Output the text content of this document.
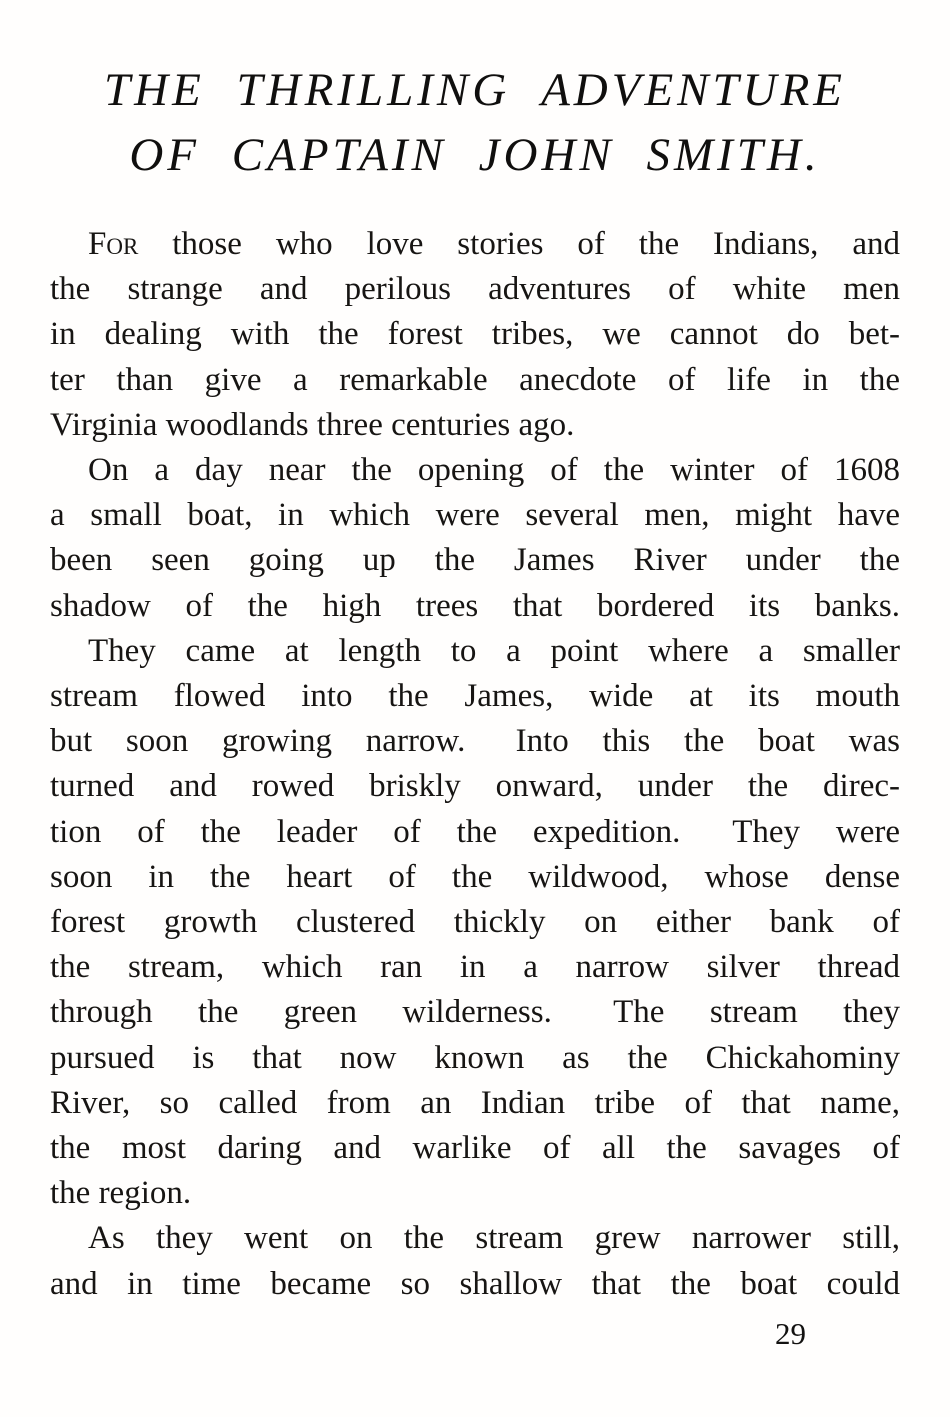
THE THRILLING ADVENTURE
OF CAPTAIN JOHN SMITH.
For those who love stories of the Indians, and
the strange and perilous adventures of white men
in dealing with the forest tribes, we cannot do bet-
ter than give a remarkable anecdote of life in the
Virginia woodlands three centuries ago.
On a day near the opening of the winter of 1608
a small boat, in which were several men, might have
been seen going up the James River under the
shadow of the high trees that bordered its banks.
They came at length to a point where a smaller
stream flowed into the James, wide at its mouth
but soon growing narrow.  Into this the boat was
turned and rowed briskly onward, under the direc-
tion of the leader of the expedition.  They were
soon in the heart of the wildwood, whose dense
forest growth clustered thickly on either bank of
the stream, which ran in a narrow silver thread
through the green wilderness.  The stream they
pursued is that now known as the Chickahominy
River, so called from an Indian tribe of that name,
the most daring and warlike of all the savages of
the region.
As they went on the stream grew narrower still,
and in time became so shallow that the boat could
29
